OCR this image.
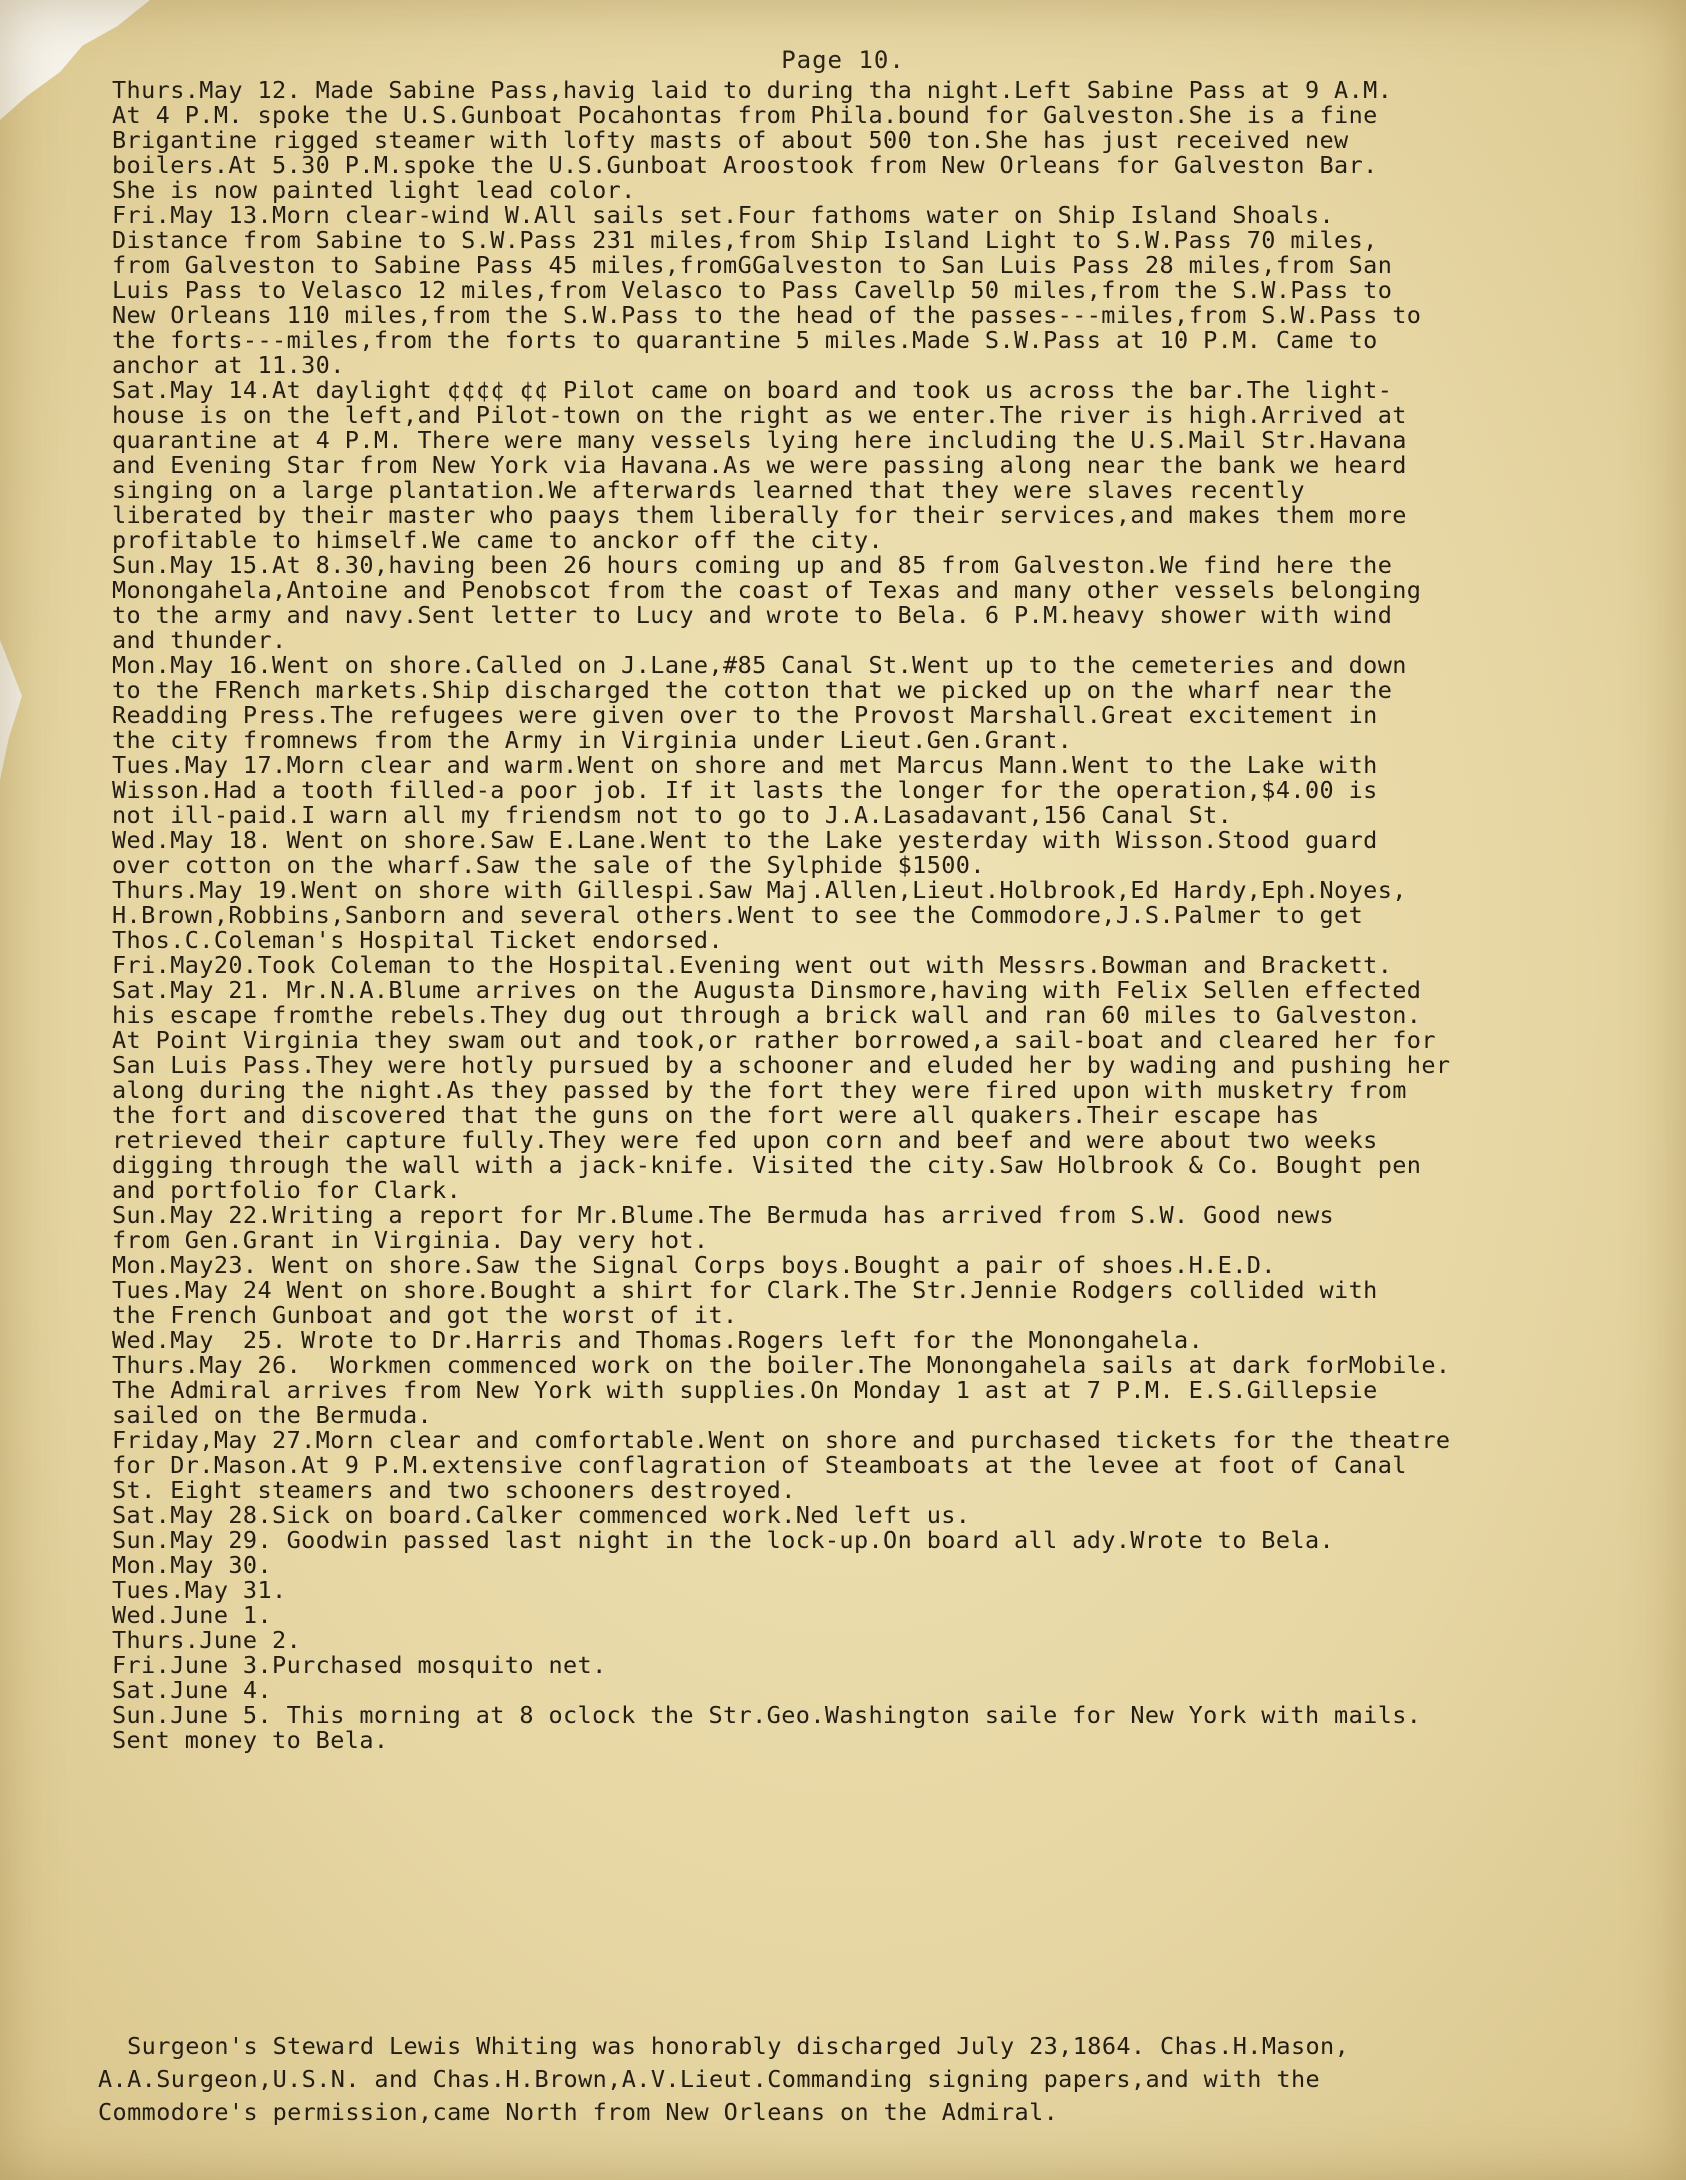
Page 10.
Thurs.May 12. Made Sabine Pass,havig laid to during tha night.Left Sabine Pass at 9 A.M.
At 4 P.M. spoke the U.S.Gunboat Pocahontas from Phila.bound for Galveston.She is a fine
Brigantine rigged steamer with lofty masts of about 500 ton.She has just received new
boilers.At 5.30 P.M.spoke the U.S.Gunboat Aroostook from New Orleans for Galveston Bar.
She is now painted light lead color.
Fri.May 13.Morn clear-wind W.All sails set.Four fathoms water on Ship Island Shoals.
Distance from Sabine to S.W.Pass 231 miles,from Ship Island Light to S.W.Pass 70 miles,
from Galveston to Sabine Pass 45 miles,fromGGalveston to San Luis Pass 28 miles,from San
Luis Pass to Velasco 12 miles,from Velasco to Pass Cavellp 50 miles,from the S.W.Pass to
New Orleans 110 miles,from the S.W.Pass to the head of the passes---miles,from S.W.Pass to
the forts---miles,from the forts to quarantine 5 miles.Made S.W.Pass at 10 P.M. Came to
anchor at 11.30.
Sat.May 14.At daylight ¢¢¢¢ ¢¢ Pilot came on board and took us across the bar.The light-
house is on the left,and Pilot-town on the right as we enter.The river is high.Arrived at
quarantine at 4 P.M. There were many vessels lying here including the U.S.Mail Str.Havana
and Evening Star from New York via Havana.As we were passing along near the bank we heard
singing on a large plantation.We afterwards learned that they were slaves recently
liberated by their master who paays them liberally for their services,and makes them more
profitable to himself.We came to anckor off the city.
Sun.May 15.At 8.30,having been 26 hours coming up and 85 from Galveston.We find here the
Monongahela,Antoine and Penobscot from the coast of Texas and many other vessels belonging
to the army and navy.Sent letter to Lucy and wrote to Bela. 6 P.M.heavy shower with wind
and thunder.
Mon.May 16.Went on shore.Called on J.Lane,#85 Canal St.Went up to the cemeteries and down
to the FRench markets.Ship discharged the cotton that we picked up on the wharf near the
Readding Press.The refugees were given over to the Provost Marshall.Great excitement in
the city fromnews from the Army in Virginia under Lieut.Gen.Grant.
Tues.May 17.Morn clear and warm.Went on shore and met Marcus Mann.Went to the Lake with
Wisson.Had a tooth filled-a poor job. If it lasts the longer for the operation,$4.00 is
not ill-paid.I warn all my friendsm not to go to J.A.Lasadavant,156 Canal St.
Wed.May 18. Went on shore.Saw E.Lane.Went to the Lake yesterday with Wisson.Stood guard
over cotton on the wharf.Saw the sale of the Sylphide $1500.
Thurs.May 19.Went on shore with Gillespi.Saw Maj.Allen,Lieut.Holbrook,Ed Hardy,Eph.Noyes,
H.Brown,Robbins,Sanborn and several others.Went to see the Commodore,J.S.Palmer to get
Thos.C.Coleman's Hospital Ticket endorsed.
Fri.May20.Took Coleman to the Hospital.Evening went out with Messrs.Bowman and Brackett.
Sat.May 21. Mr.N.A.Blume arrives on the Augusta Dinsmore,having with Felix Sellen effected
his escape fromthe rebels.They dug out through a brick wall and ran 60 miles to Galveston.
At Point Virginia they swam out and took,or rather borrowed,a sail-boat and cleared her for
San Luis Pass.They were hotly pursued by a schooner and eluded her by wading and pushing her
along during the night.As they passed by the fort they were fired upon with musketry from
the fort and discovered that the guns on the fort were all quakers.Their escape has
retrieved their capture fully.They were fed upon corn and beef and were about two weeks
digging through the wall with a jack-knife. Visited the city.Saw Holbrook & Co. Bought pen
and portfolio for Clark.
Sun.May 22.Writing a report for Mr.Blume.The Bermuda has arrived from S.W. Good news
from Gen.Grant in Virginia. Day very hot.
Mon.May23. Went on shore.Saw the Signal Corps boys.Bought a pair of shoes.H.E.D.
Tues.May 24 Went on shore.Bought a shirt for Clark.The Str.Jennie Rodgers collided with
the French Gunboat and got the worst of it.
Wed.May  25. Wrote to Dr.Harris and Thomas.Rogers left for the Monongahela.
Thurs.May 26.  Workmen commenced work on the boiler.The Monongahela sails at dark forMobile.
The Admiral arrives from New York with supplies.On Monday 1 ast at 7 P.M. E.S.Gillepsie
sailed on the Bermuda.
Friday,May 27.Morn clear and comfortable.Went on shore and purchased tickets for the theatre
for Dr.Mason.At 9 P.M.extensive conflagration of Steamboats at the levee at foot of Canal
St. Eight steamers and two schooners destroyed.
Sat.May 28.Sick on board.Calker commenced work.Ned left us.
Sun.May 29. Goodwin passed last night in the lock-up.On board all ady.Wrote to Bela.
Mon.May 30.
Tues.May 31.
Wed.June 1.
Thurs.June 2.
Fri.June 3.Purchased mosquito net.
Sat.June 4.
Sun.June 5. This morning at 8 oclock the Str.Geo.Washington saile for New York with mails.
Sent money to Bela.
Surgeon's Steward Lewis Whiting was honorably discharged July 23,1864. Chas.H.Mason,
A.A.Surgeon,U.S.N. and Chas.H.Brown,A.V.Lieut.Commanding signing papers,and with the
Commodore's permission,came North from New Orleans on the Admiral.
